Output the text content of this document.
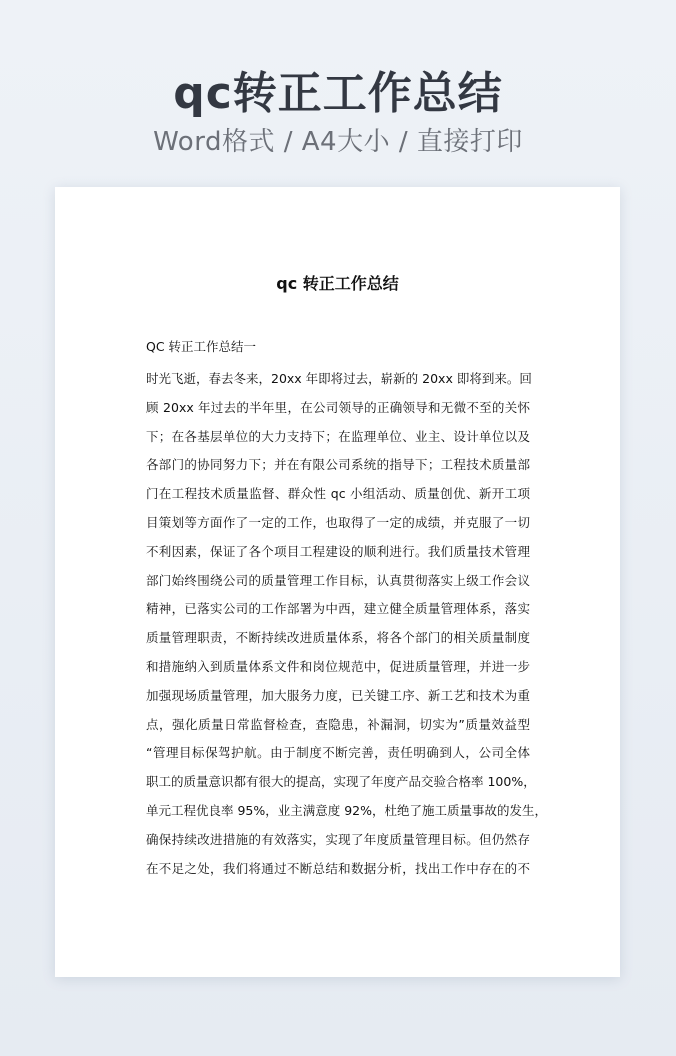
qc转正工作总结
Word格式 / A4大小 / 直接打印
qc 转正工作总结
QC 转正工作总结一
时光飞逝，春去冬来，20xx 年即将过去，崭新的 20xx 即将到来。回
顾 20xx 年过去的半年里，在公司领导的正确领导和无微不至的关怀
下；在各基层单位的大力支持下；在监理单位、业主、设计单位以及
各部门的协同努力下；并在有限公司系统的指导下；工程技术质量部
门在工程技术质量监督、群众性 qc 小组活动、质量创优、新开工项
目策划等方面作了一定的工作，也取得了一定的成绩，并克服了一切
不利因素，保证了各个项目工程建设的顺利进行。我们质量技术管理
部门始终围绕公司的质量管理工作目标，认真贯彻落实上级工作会议
精神，已落实公司的工作部署为中西，建立健全质量管理体系，落实
质量管理职责，不断持续改进质量体系，将各个部门的相关质量制度
和措施纳入到质量体系文件和岗位规范中，促进质量管理，并进一步
加强现场质量管理，加大服务力度，已关键工序、新工艺和技术为重
点，强化质量日常监督检查，查隐患，补漏洞，切实为”质量效益型
“管理目标保驾护航。由于制度不断完善，责任明确到人，公司全体
职工的质量意识都有很大的提高，实现了年度产品交验合格率 100%，
单元工程优良率 95%，业主满意度 92%，杜绝了施工质量事故的发生，
确保持续改进措施的有效落实，实现了年度质量管理目标。但仍然存
在不足之处，我们将通过不断总结和数据分析，找出工作中存在的不
